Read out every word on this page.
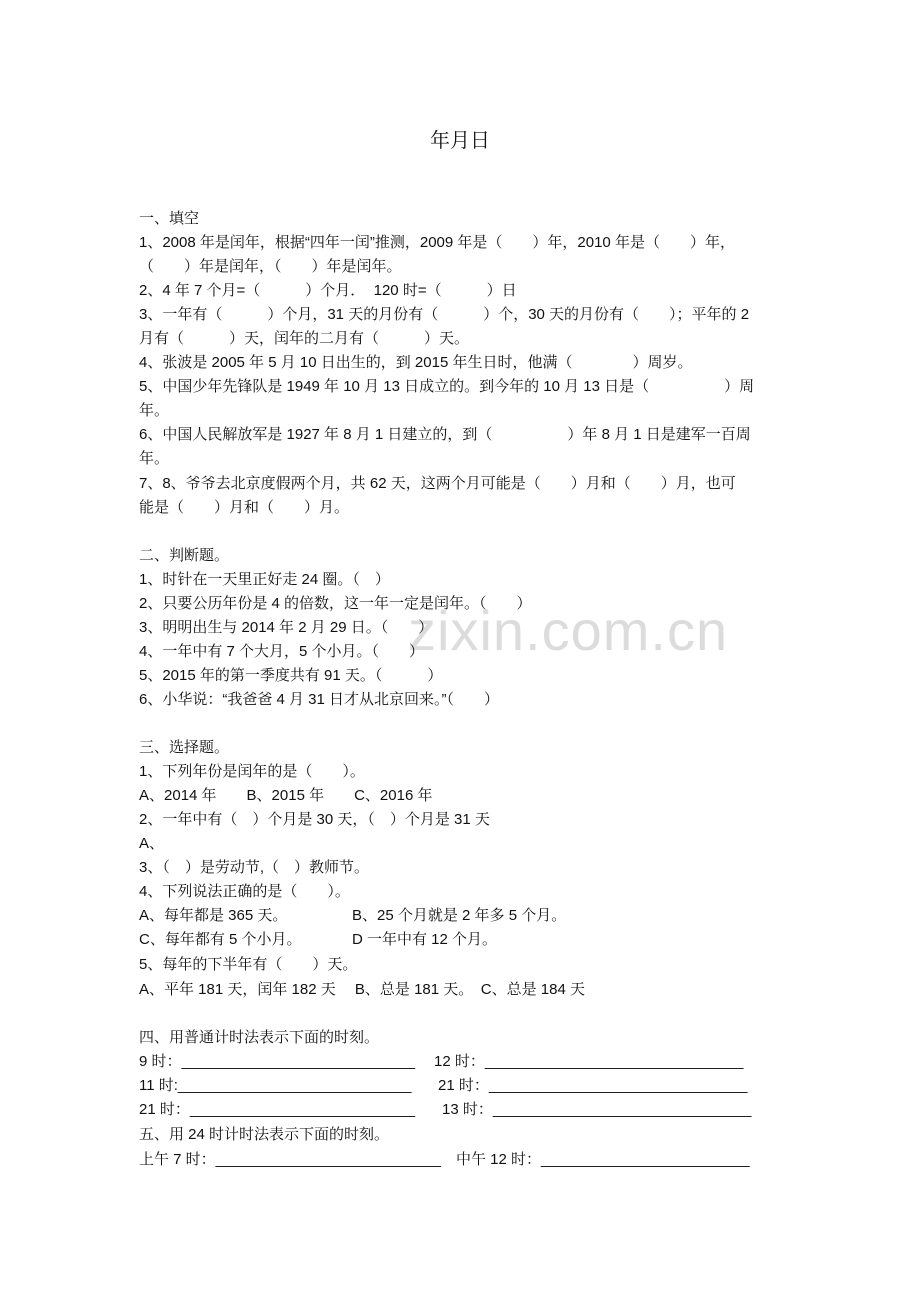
zixin.com.cn
年月日
一、填空
1、2008 年是闰年，根据“四年一闰”推测，2009 年是（　　）年，2010 年是（　　）年，
（　　）年是闰年，（　　）年是闰年。
2、4 年 7 个月=（　　　）个月．  120 时=（　　　）日
3、一年有（　　　）个月，31 天的月份有（　　　）个，30 天的月份有（　　）；平年的 2
月有（　　　）天，闰年的二月有（　　　）天。
4、张波是 2005 年 5 月 10 日出生的，到 2015 年生日时，他满（　　　　）周岁。
5、中国少年先锋队是 1949 年 10 月 13 日成立的。到今年的 10 月 13 日是（　　　　　）周
年。
6、中国人民解放军是 1927 年 8 月 1 日建立的，到（　　　　　）年 8 月 1 日是建军一百周
年。
7、8、爷爷去北京度假两个月，共 62 天，这两个月可能是（　　）月和（　　）月，也可
能是（　　）月和（　　）月。
二、判断题。
1、时针在一天里正好走 24 圈。（　）
2、只要公历年份是 4 的倍数，这一年一定是闰年。（　　）
3、明明出生与 2014 年 2 月 29 日。（　　）
4、一年中有 7 个大月，5 个小月。（　　）
5、2015 年的第一季度共有 91 天。（　　　）
6、小华说：“我爸爸 4 月 31 日才从北京回来。”（　　）
三、选择题。
1、下列年份是闰年的是（　　）。
A、2014 年　　B、2015 年　　C、2016 年
2、一年中有（　）个月是 30 天，（　）个月是 31 天
A、
3、（　）是劳动节,（　）教师节。
4、下列说法正确的是（　　）。
A、每年都是 365 天。	B、25 个月就是 2 年多 5 个月。
C、每年都有 5 个小月。	D 一年中有 12 个月。
5、每年的下半年有（　　）天。
A、平年 181 天，闰年 182 天　 B、总是 181 天。　C、总是 184 天
四、用普通计时法表示下面的时刻。
9 时：____________________________ 12 时：_______________________________
11 时:____________________________ 21 时：_______________________________
21 时：___________________________ 13 时：_______________________________
五、用 24 时计时法表示下面的时刻。
上午 7 时：___________________________ 中午 12 时：_________________________
